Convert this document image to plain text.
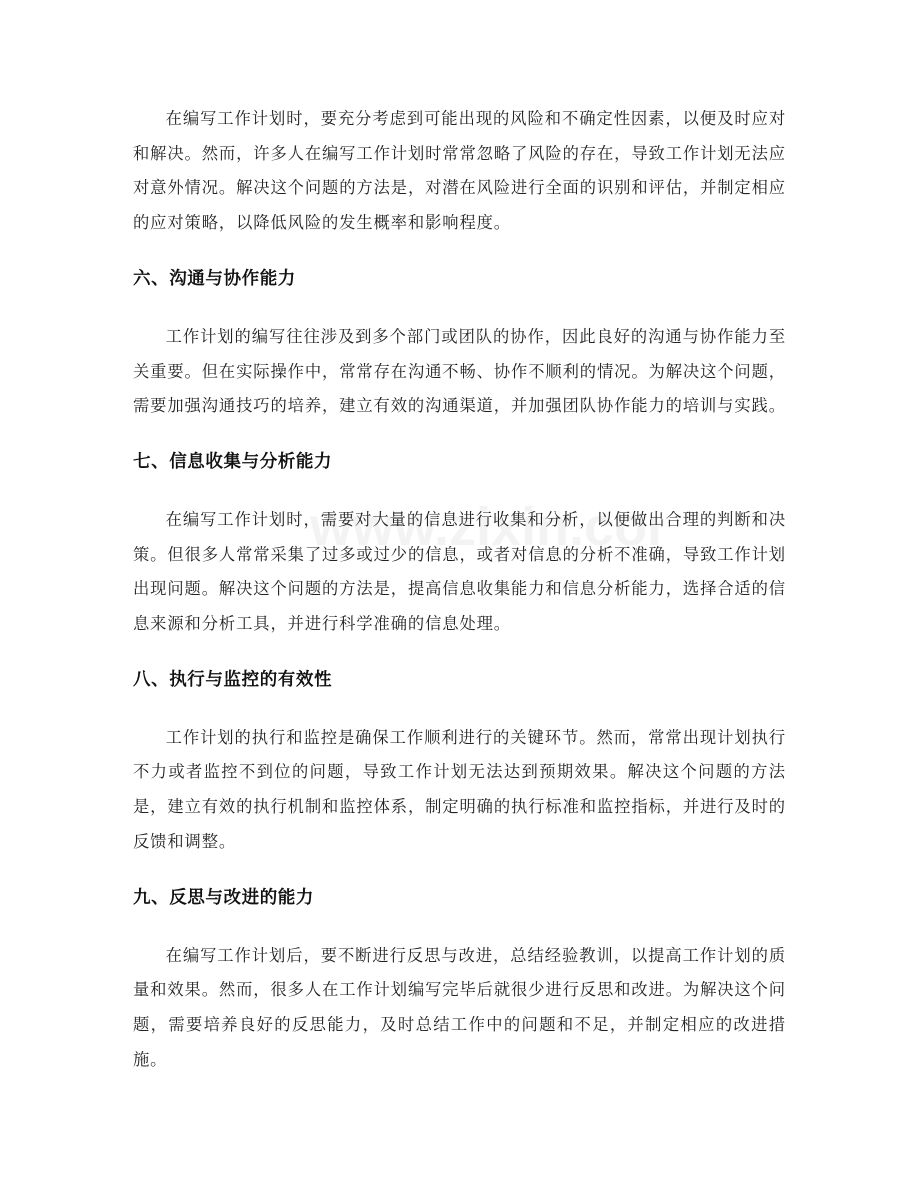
www.zixin.co

在编写工作计划时，要充分考虑到可能出现的风险和不确定性因素，以便及时应对和解决。然而，许多人在编写工作计划时常常忽略了风险的存在，导致工作计划无法应对意外情况。解决这个问题的方法是，对潜在风险进行全面的识别和评估，并制定相应的应对策略，以降低风险的发生概率和影响程度。

六、沟通与协作能力

工作计划的编写往往涉及到多个部门或团队的协作，因此良好的沟通与协作能力至关重要。但在实际操作中，常常存在沟通不畅、协作不顺利的情况。为解决这个问题，需要加强沟通技巧的培养，建立有效的沟通渠道，并加强团队协作能力的培训与实践。

七、信息收集与分析能力

在编写工作计划时，需要对大量的信息进行收集和分析，以便做出合理的判断和决策。但很多人常常采集了过多或过少的信息，或者对信息的分析不准确，导致工作计划出现问题。解决这个问题的方法是，提高信息收集能力和信息分析能力，选择合适的信息来源和分析工具，并进行科学准确的信息处理。

八、执行与监控的有效性

工作计划的执行和监控是确保工作顺利进行的关键环节。然而，常常出现计划执行不力或者监控不到位的问题，导致工作计划无法达到预期效果。解决这个问题的方法是，建立有效的执行机制和监控体系，制定明确的执行标准和监控指标，并进行及时的反馈和调整。

九、反思与改进的能力

在编写工作计划后，要不断进行反思与改进，总结经验教训，以提高工作计划的质量和效果。然而，很多人在工作计划编写完毕后就很少进行反思和改进。为解决这个问题，需要培养良好的反思能力，及时总结工作中的问题和不足，并制定相应的改进措施。
